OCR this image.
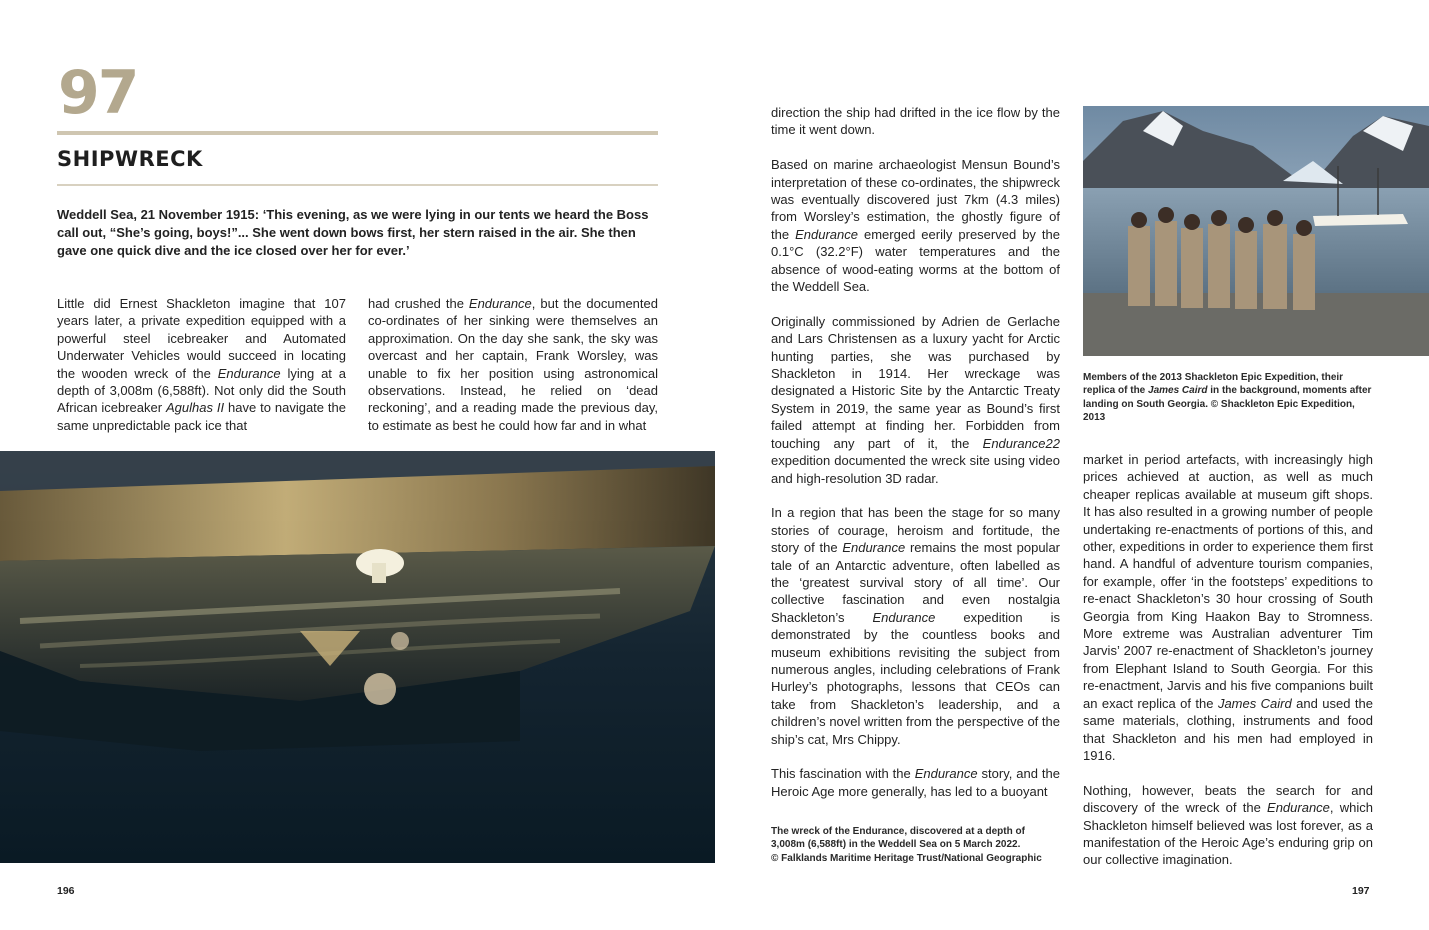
97
SHIPWRECK
Weddell Sea, 21 November 1915: ‘This evening, as we were lying in our tents we heard the Boss call out, “She’s going, boys!”... She went down bows first, her stern raised in the air. She then gave one quick dive and the ice closed over her for ever.’

Little did Ernest Shackleton imagine that 107 years later, a private expedition equipped with a powerful steel icebreaker and Automated Underwater Vehicles would succeed in locating the wooden wreck of the Endurance lying at a depth of 3,008m (6,588ft). Not only did the South African icebreaker Agulhas II have to navigate the same unpredictable pack ice that

had crushed the Endurance, but the documented co-ordinates of her sinking were themselves an approximation. On the day she sank, the sky was overcast and her captain, Frank Worsley, was unable to fix her position using astronomical observations. Instead, he relied on ‘dead reckoning’, and a reading made the previous day, to estimate as best he could how far and in what

196

direction the ship had drifted in the ice flow by the time it went down.

Based on marine archaeologist Mensun Bound’s interpretation of these co-ordinates, the shipwreck was eventually discovered just 7km (4.3 miles) from Worsley’s estimation, the ghostly figure of the Endurance emerged eerily preserved by the 0.1°C (32.2°F) water temperatures and the absence of wood-eating worms at the bottom of the Weddell Sea.

Originally commissioned by Adrien de Gerlache and Lars Christensen as a luxury yacht for Arctic hunting parties, she was purchased by Shackleton in 1914. Her wreckage was designated a Historic Site by the Antarctic Treaty System in 2019, the same year as Bound’s first failed attempt at finding her. Forbidden from touching any part of it, the Endurance22 expedition documented the wreck site using video and high-resolution 3D radar.

In a region that has been the stage for so many stories of courage, heroism and fortitude, the story of the Endurance remains the most popular tale of an Antarctic adventure, often labelled as the ‘greatest survival story of all time’. Our collective fascination and even nostalgia Shackleton’s Endurance expedition is demonstrated by the countless books and museum exhibitions revisiting the subject from numerous angles, including celebrations of Frank Hurley’s photographs, lessons that CEOs can take from Shackleton’s leadership, and a children’s novel written from the perspective of the ship’s cat, Mrs Chippy.

This fascination with the Endurance story, and the Heroic Age more generally, has led to a buoyant

The wreck of the Endurance, discovered at a depth of
3,008m (6,588ft) in the Weddell Sea on 5 March 2022.
© Falklands Maritime Heritage Trust/National Geographic
Members of the 2013 Shackleton Epic Expedition, their replica of the James Caird in the background, moments after landing on South Georgia. © Shackleton Epic Expedition, 2013

market in period artefacts, with increasingly high prices achieved at auction, as well as much cheaper replicas available at museum gift shops. It has also resulted in a growing number of people undertaking re-enactments of portions of this, and other, expeditions in order to experience them first hand. A handful of adventure tourism companies, for example, offer ‘in the footsteps’ expeditions to re-enact Shackleton’s 30 hour crossing of South Georgia from King Haakon Bay to Stromness. More extreme was Australian adventurer Tim Jarvis’ 2007 re-enactment of Shackleton’s journey from Elephant Island to South Georgia. For this re-enactment, Jarvis and his five companions built an exact replica of the James Caird and used the same materials, clothing, instruments and food that Shackleton and his men had employed in 1916.

Nothing, however, beats the search for and discovery of the wreck of the Endurance, which Shackleton himself believed was lost forever, as a manifestation of the Heroic Age’s enduring grip on our collective imagination.

197
